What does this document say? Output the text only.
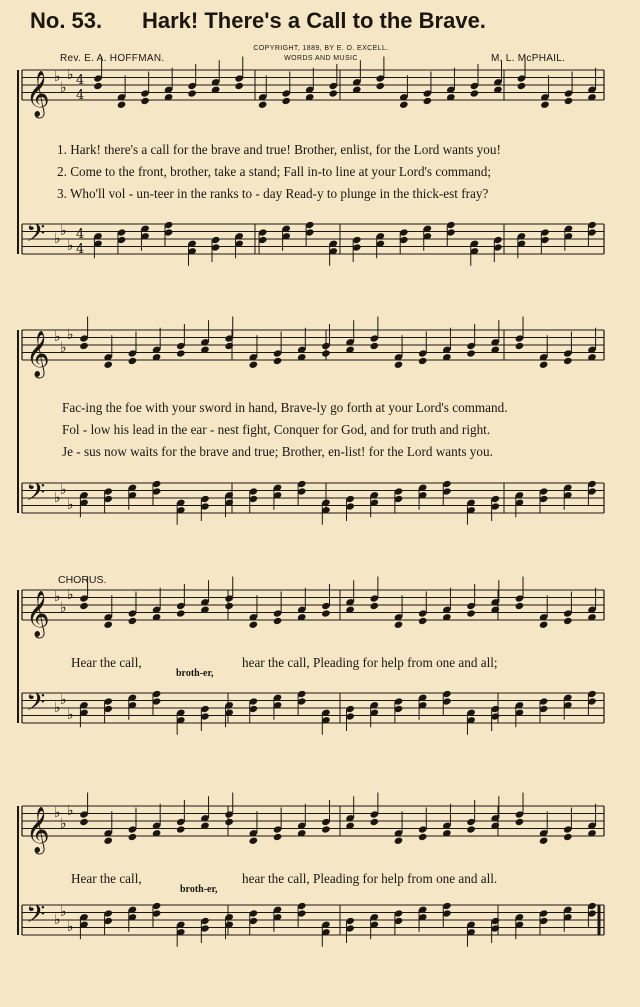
No. 53. Hark! There's a Call to the Brave.
Rev. E. A. HOFFMAN.
COPYRIGHT, 1889, BY E. O. EXCELL.
WORDS AND MUSIC	M. L. McPHAIL.
𝄞 ♭
♭
♭ 4
4
𝄢 ♭ ♭
♭
4
4
𝄞 ♭
♭
♭
𝄢 ♭ ♭
♭
𝄞 ♭
♭
♭
𝄢 ♭ ♭
♭
𝄞 ♭
♭
♭
𝄢 ♭ ♭
♭
1. Hark! there's a call for the brave and true! Brother, enlist, for the Lord wants you!
2. Come to the front, brother, take a stand; Fall in-to line at your Lord's command;
3. Who'll vol - un-teer in the ranks to - day Read-y to plunge in the thick-est fray?
Fac-ing the foe with your sword in hand, Brave-ly go forth at your Lord's command.
Fol - low his lead in the ear - nest fight, Conquer for God, and for truth and right.
Je - sus now waits for the brave and true; Brother, en-list! for the Lord wants you.
CHORUS.
Hear the call,	hear the call, Pleading for help from one and all;
broth-er,
Hear the call,	hear the call, Pleading for help from one and all.
broth-er,
